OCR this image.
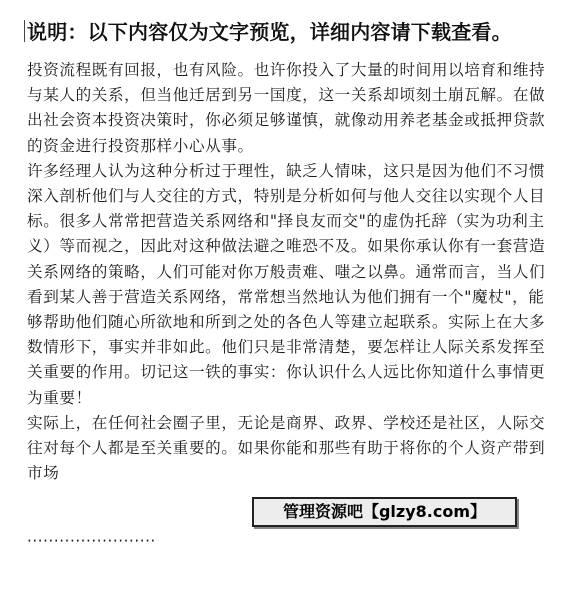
说明：以下内容仅为文字预览，详细内容请下载查看。

投资流程既有回报，也有风险。也许你投入了大量的时间用以培育和维持与某人的关系，但当他迁居到另一国度，这一关系却顷刻土崩瓦解。在做出社会资本投资决策时，你必须足够谨慎，就像动用养老基金或抵押贷款的资金进行投资那样小心从事。

许多经理人认为这种分析过于理性，缺乏人情味，这只是因为他们不习惯深入剖析他们与人交往的方式，特别是分析如何与他人交往以实现个人目标。很多人常常把营造关系网络和"择良友而交"的虚伪托辞（实为功利主义）等而视之，因此对这种做法避之唯恐不及。如果你承认你有一套营造关系网络的策略，人们可能对你万般责难、嗤之以鼻。通常而言，当人们看到某人善于营造关系网络，常常想当然地认为他们拥有一个"魔杖"，能够帮助他们随心所欲地和所到之处的各色人等建立起联系。实际上在大多数情形下，事实并非如此。他们只是非常清楚，要怎样让人际关系发挥至关重要的作用。切记这一铁的事实：你认识什么人远比你知道什么事情更为重要！

实际上，在任何社会圈子里，无论是商界、政界、学校还是社区，人际交往对每个人都是至关重要的。如果你能和那些有助于将你的个人资产带到市场

管理资源吧【glzy8.com】
························
